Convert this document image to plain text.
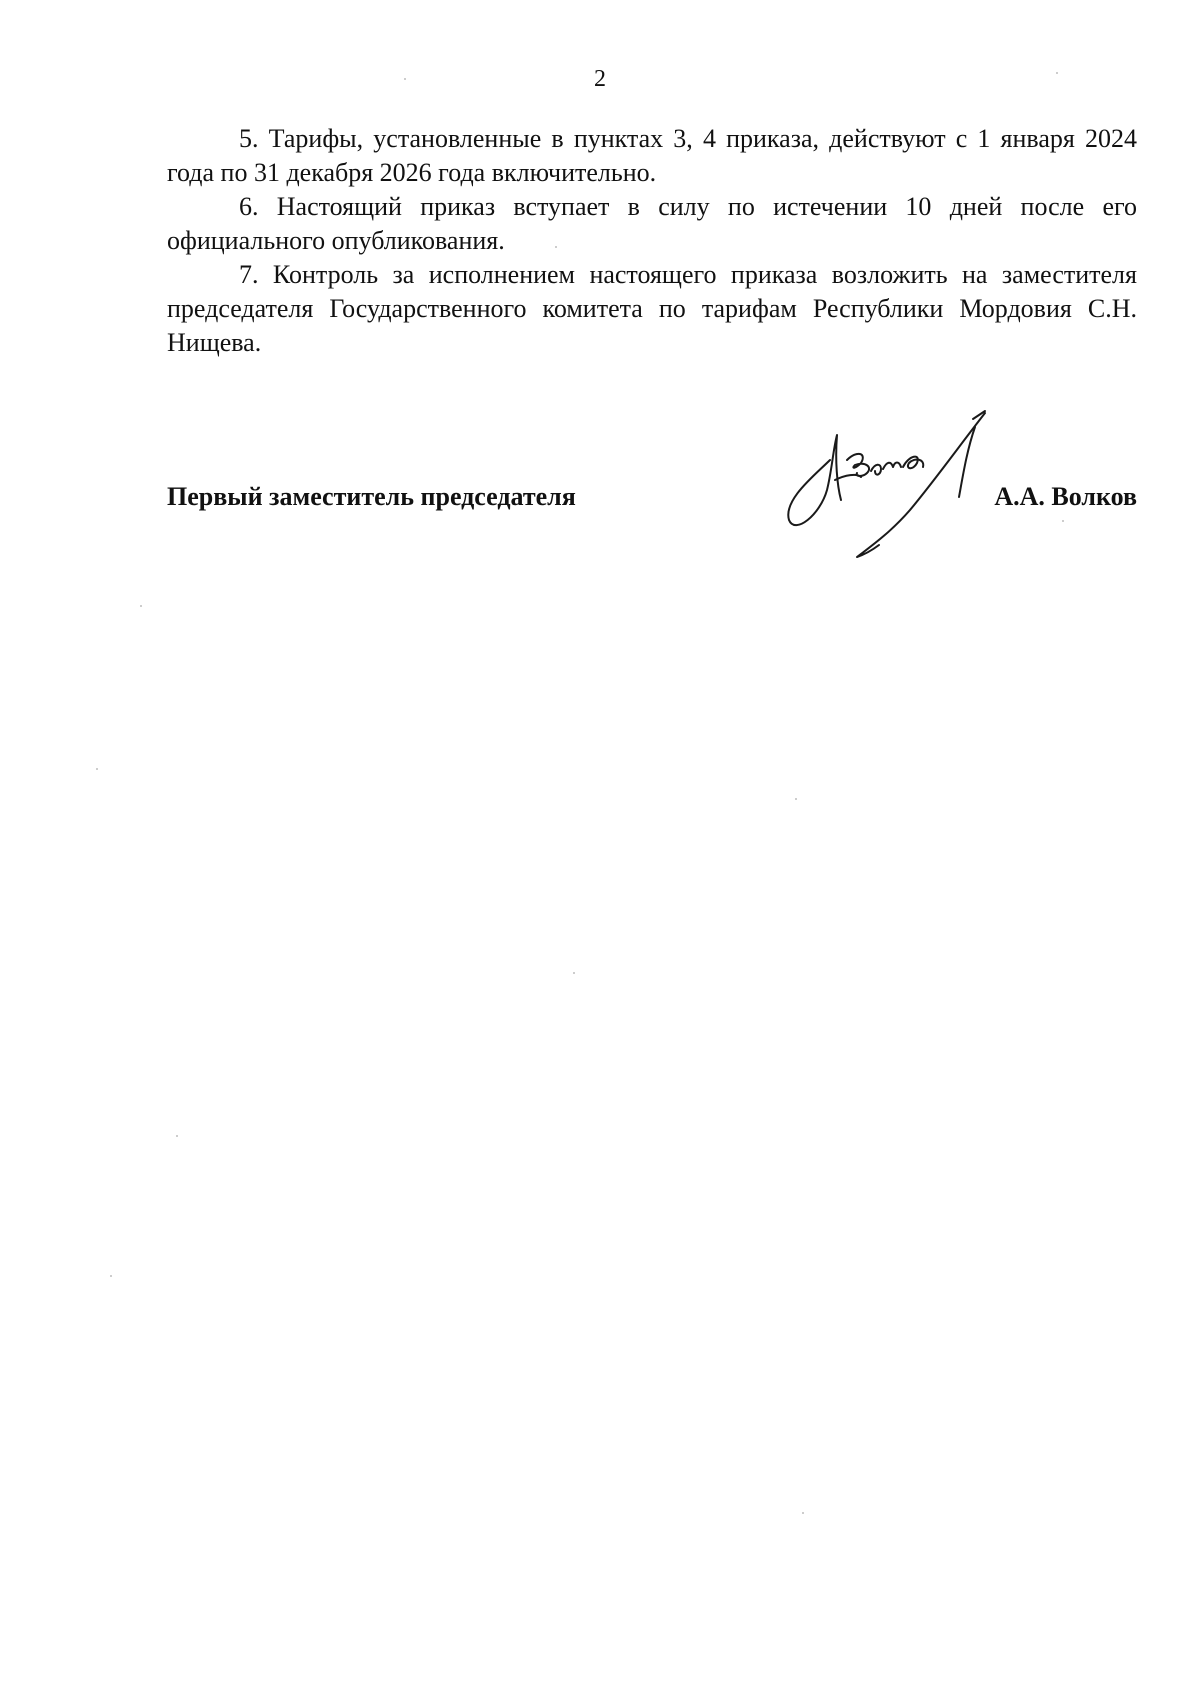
2

5. Тарифы, установленные в пунктах 3, 4 приказа, действуют с 1 января 2024 года по 31 декабря 2026 года включительно.

6. Настоящий приказ вступает в силу по истечении 10 дней после его официального опубликования.

7. Контроль за исполнением настоящего приказа возложить на заместителя председателя Государственного комитета по тарифам Республики Мордовия С.Н. Нищева.

Первый заместитель председателя	А.А. Волков
